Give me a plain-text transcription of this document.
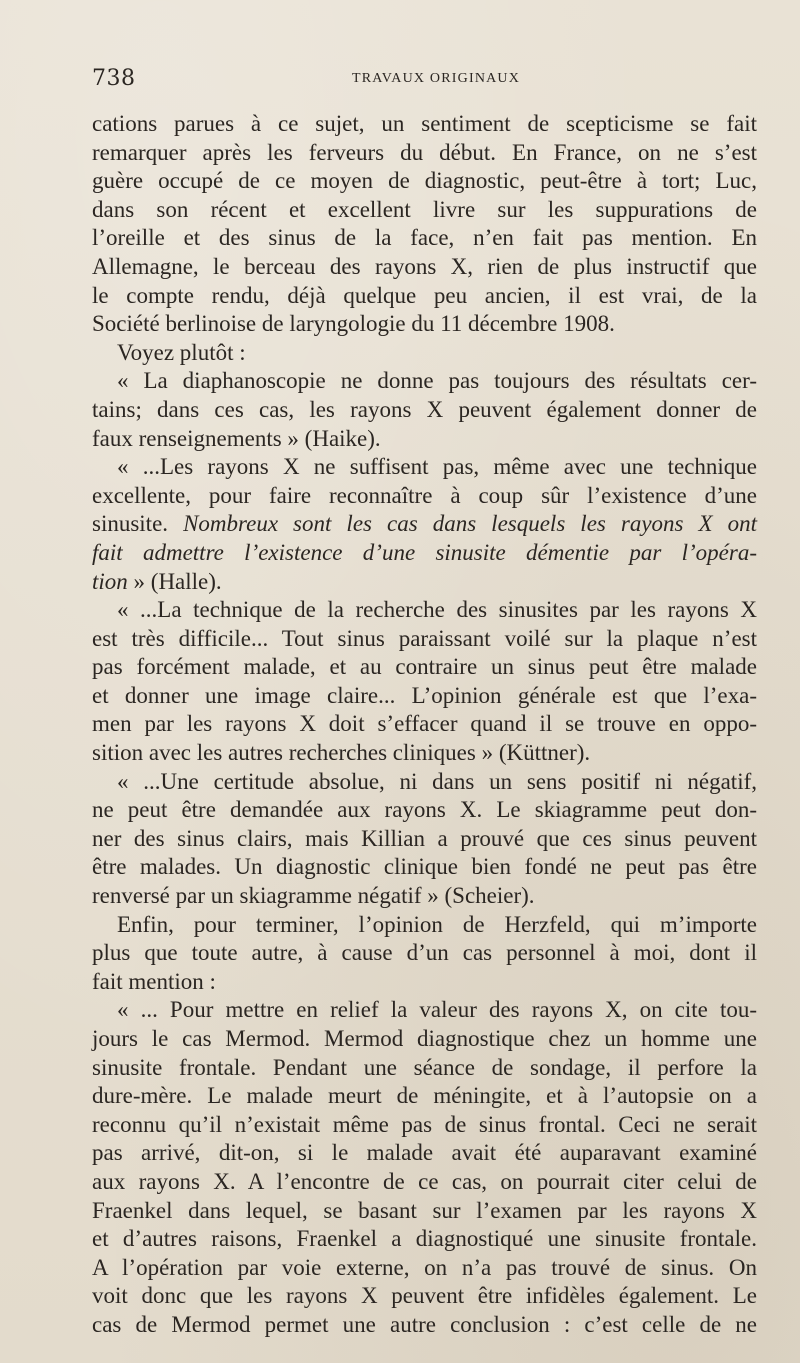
738	TRAVAUX ORIGINAUX
cations parues à ce sujet, un sentiment de scepticisme se fait
remarquer après les ferveurs du début. En France, on ne s’est
guère occupé de ce moyen de diagnostic, peut-être à tort; Luc,
dans son récent et excellent livre sur les suppurations de
l’oreille et des sinus de la face, n’en fait pas mention. En
Allemagne, le berceau des rayons X, rien de plus instructif que
le compte rendu, déjà quelque peu ancien, il est vrai, de la
Société berlinoise de laryngologie du 11 décembre 1908.
Voyez plutôt :
« La diaphanoscopie ne donne pas toujours des résultats cer-
tains; dans ces cas, les rayons X peuvent également donner de
faux renseignements » (Haike).
« ...Les rayons X ne suffisent pas, même avec une technique
excellente, pour faire reconnaître à coup sûr l’existence d’une
sinusite. Nombreux sont les cas dans lesquels les rayons X ont
fait admettre l’existence d’une sinusite démentie par l’opéra-
tion » (Halle).
« ...La technique de la recherche des sinusites par les rayons X
est très difficile... Tout sinus paraissant voilé sur la plaque n’est
pas forcément malade, et au contraire un sinus peut être malade
et donner une image claire... L’opinion générale est que l’exa-
men par les rayons X doit s’effacer quand il se trouve en oppo-
sition avec les autres recherches cliniques » (Küttner).
« ...Une certitude absolue, ni dans un sens positif ni négatif,
ne peut être demandée aux rayons X. Le skiagramme peut don-
ner des sinus clairs, mais Killian a prouvé que ces sinus peuvent
être malades. Un diagnostic clinique bien fondé ne peut pas être
renversé par un skiagramme négatif » (Scheier).
Enfin, pour terminer, l’opinion de Herzfeld, qui m’importe
plus que toute autre, à cause d’un cas personnel à moi, dont il
fait mention :
« ... Pour mettre en relief la valeur des rayons X, on cite tou-
jours le cas Mermod. Mermod diagnostique chez un homme une
sinusite frontale. Pendant une séance de sondage, il perfore la
dure-mère. Le malade meurt de méningite, et à l’autopsie on a
reconnu qu’il n’existait même pas de sinus frontal. Ceci ne serait
pas arrivé, dit-on, si le malade avait été auparavant examiné
aux rayons X. A l’encontre de ce cas, on pourrait citer celui de
Fraenkel dans lequel, se basant sur l’examen par les rayons X
et d’autres raisons, Fraenkel a diagnostiqué une sinusite frontale.
A l’opération par voie externe, on n’a pas trouvé de sinus. On
voit donc que les rayons X peuvent être infidèles également. Le
cas de Mermod permet une autre conclusion : c’est celle de ne
